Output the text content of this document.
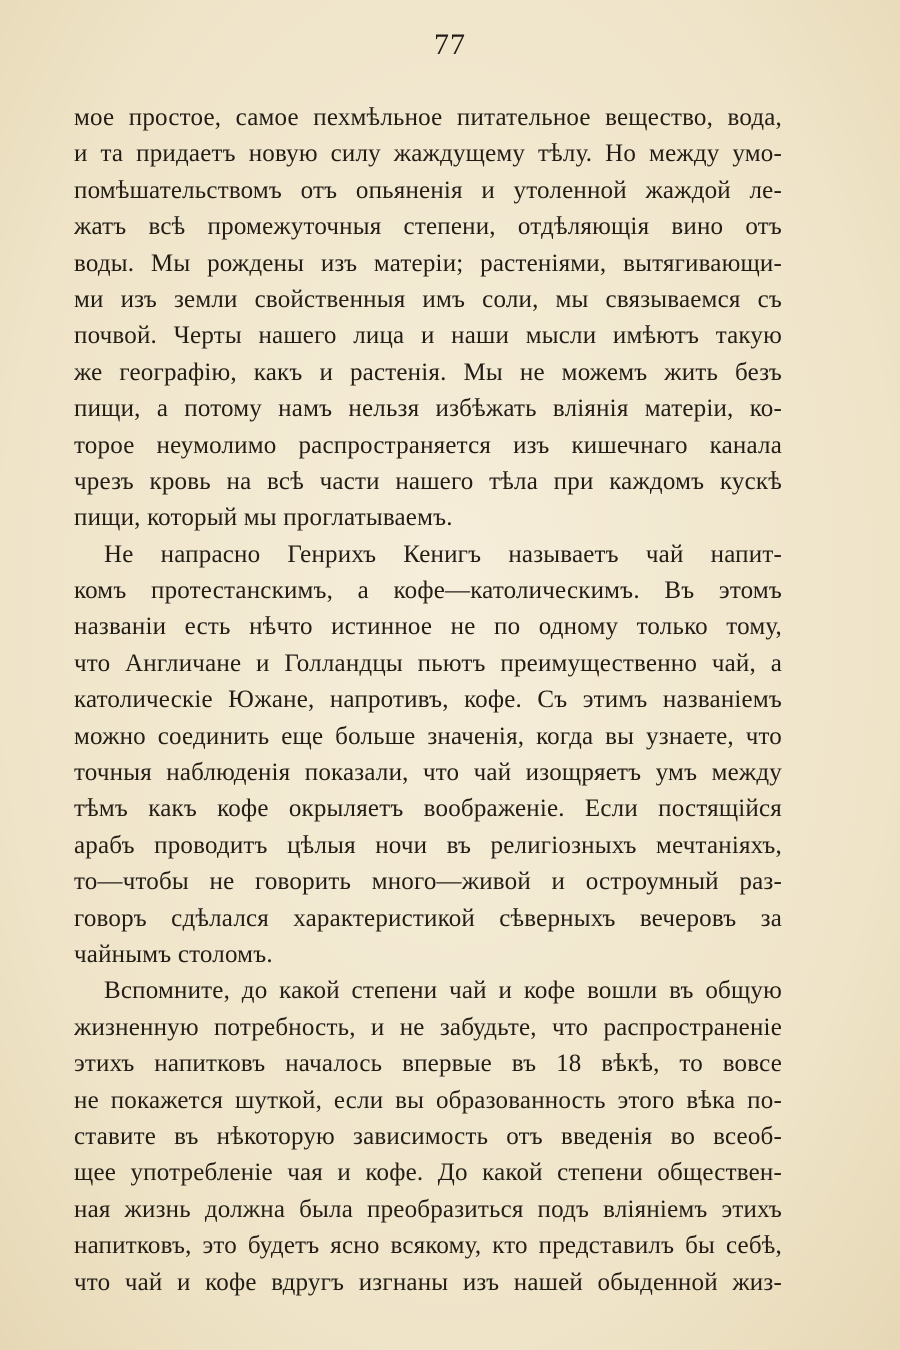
77
мое простое, самое пехмѣльное питательное вещество, вода,
и та придаетъ новую силу жаждущему тѣлу. Но между умо-
помѣшательствомъ отъ опьяненія и утоленной жаждой ле-
жатъ всѣ промежуточныя степени, отдѣляющія вино отъ
воды. Мы рождены изъ матеріи; растеніями, вытягивающи-
ми изъ земли свойственныя имъ соли, мы связываемся съ
почвой. Черты нашего лица и наши мысли имѣютъ такую
же географію, какъ и растенія. Мы не можемъ жить безъ
пищи, а потому намъ нельзя избѣжать вліянія матеріи, ко-
торое неумолимо распространяется изъ кишечнаго канала
чрезъ кровь на всѣ части нашего тѣла при каждомъ кускѣ
пищи, который мы проглатываемъ.
Не напрасно Генрихъ Кенигъ называетъ чай напит-
комъ протестанскимъ, а кофе—католическимъ. Въ этомъ
названіи есть нѣчто истинное не по одному только тому,
что Англичане и Голландцы пьютъ преимущественно чай, а
католическіе Южане, напротивъ, кофе. Съ этимъ названіемъ
можно соединить еще больше значенія, когда вы узнаете, что
точныя наблюденія показали, что чай изощряетъ умъ между
тѣмъ какъ кофе окрыляетъ воображеніе. Если постящійся
арабъ проводитъ цѣлыя ночи въ религіозныхъ мечтаніяхъ,
то—чтобы не говорить много—живой и остроумный раз-
говоръ сдѣлался характеристикой сѣверныхъ вечеровъ за
чайнымъ столомъ.
Вспомните, до какой степени чай и кофе вошли въ общую
жизненную потребность, и не забудьте, что распространеніе
этихъ напитковъ началось впервые въ 18 вѣкѣ, то вовсе
не покажется шуткой, если вы образованность этого вѣка по-
ставите въ нѣкоторую зависимость отъ введенія во всеоб-
щее употребленіе чая и кофе. До какой степени обществен-
ная жизнь должна была преобразиться подъ вліяніемъ этихъ
напитковъ, это будетъ ясно всякому, кто представилъ бы себѣ,
что чай и кофе вдругъ изгнаны изъ нашей обыденной жиз-
